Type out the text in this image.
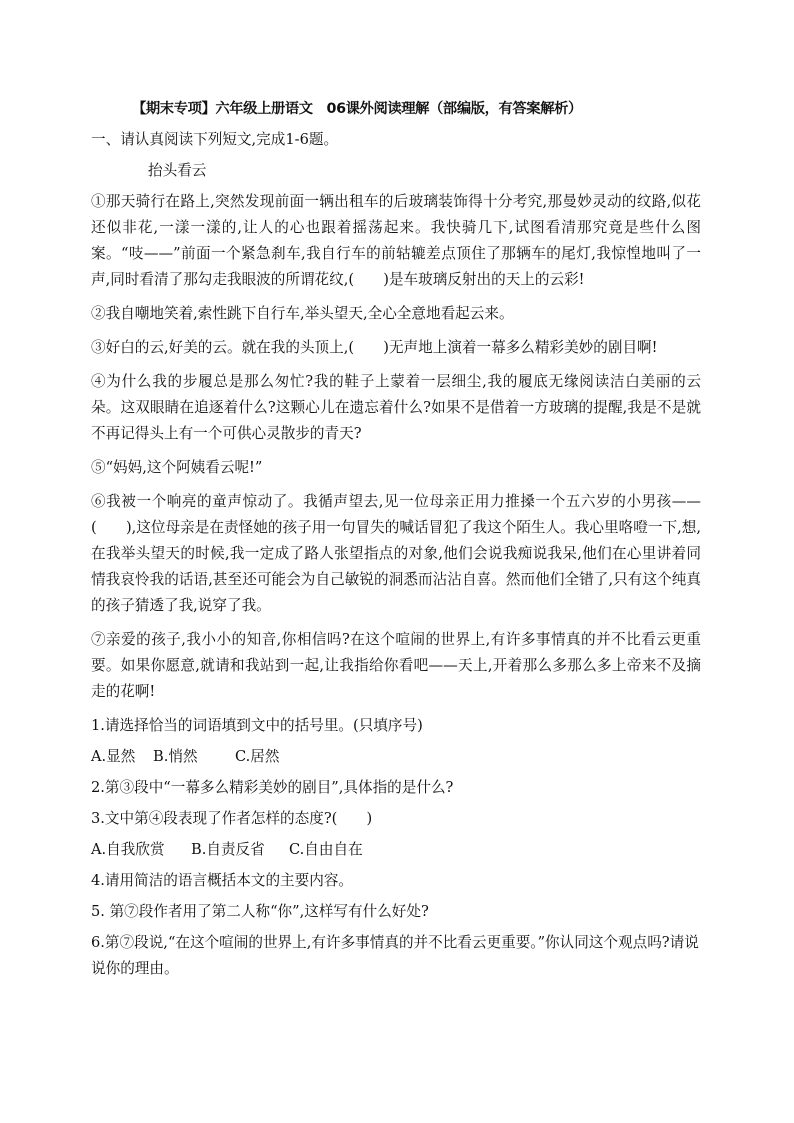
【期末专项】六年级上册语文　06课外阅读理解（部编版，有答案解析）
一、请认真阅读下列短文,完成1-6题。
抬头看云
①那天骑行在路上,突然发现前面一辆出租车的后玻璃装饰得十分考究,那曼妙灵动的纹路,似花还似非花,一漾一漾的,让人的心也跟着摇荡起来。我快骑几下,试图看清那究竟是些什么图案。“吱——”前面一个紧急刹车,我自行车的前轱辘差点顶住了那辆车的尾灯,我惊惶地叫了一声,同时看清了那勾走我眼波的所谓花纹,(　　)是车玻璃反射出的天上的云彩!
②我自嘲地笑着,索性跳下自行车,举头望天,全心全意地看起云来。
③好白的云,好美的云。就在我的头顶上,(　　)无声地上演着一幕多么精彩美妙的剧目啊!
④为什么我的步履总是那么匆忙?我的鞋子上蒙着一层细尘,我的履底无缘阅读洁白美丽的云朵。这双眼睛在追逐着什么?这颗心儿在遗忘着什么?如果不是借着一方玻璃的提醒,我是不是就不再记得头上有一个可供心灵散步的青天?
⑤“妈妈,这个阿姨看云呢!”
⑥我被一个响亮的童声惊动了。我循声望去,见一位母亲正用力推搡一个五六岁的小男孩——(　　),这位母亲是在责怪她的孩子用一句冒失的喊话冒犯了我这个陌生人。我心里咯噔一下,想,在我举头望天的时候,我一定成了路人张望指点的对象,他们会说我痴说我呆,他们在心里讲着同情我哀怜我的话语,甚至还可能会为自己敏锐的洞悉而沾沾自喜。然而他们全错了,只有这个纯真的孩子猜透了我,说穿了我。
⑦亲爱的孩子,我小小的知音,你相信吗?在这个喧闹的世界上,有许多事情真的并不比看云更重要。如果你愿意,就请和我站到一起,让我指给你看吧——天上,开着那么多那么多上帝来不及摘走的花啊!
1.请选择恰当的词语填到文中的括号里。(只填序号)
A.显然 B.悄然	C.居然
2.第③段中“一幕多么精彩美妙的剧目”,具体指的是什么?
3.文中第④段表现了作者怎样的态度?(　　)
A.自我欣赏 B.自责反省 C.自由自在
4.请用简洁的语言概括本文的主要内容。
5. 第⑦段作者用了第二人称“你”,这样写有什么好处?
6.第⑦段说,“在这个喧闹的世界上,有许多事情真的并不比看云更重要。”你认同这个观点吗?请说说你的理由。
